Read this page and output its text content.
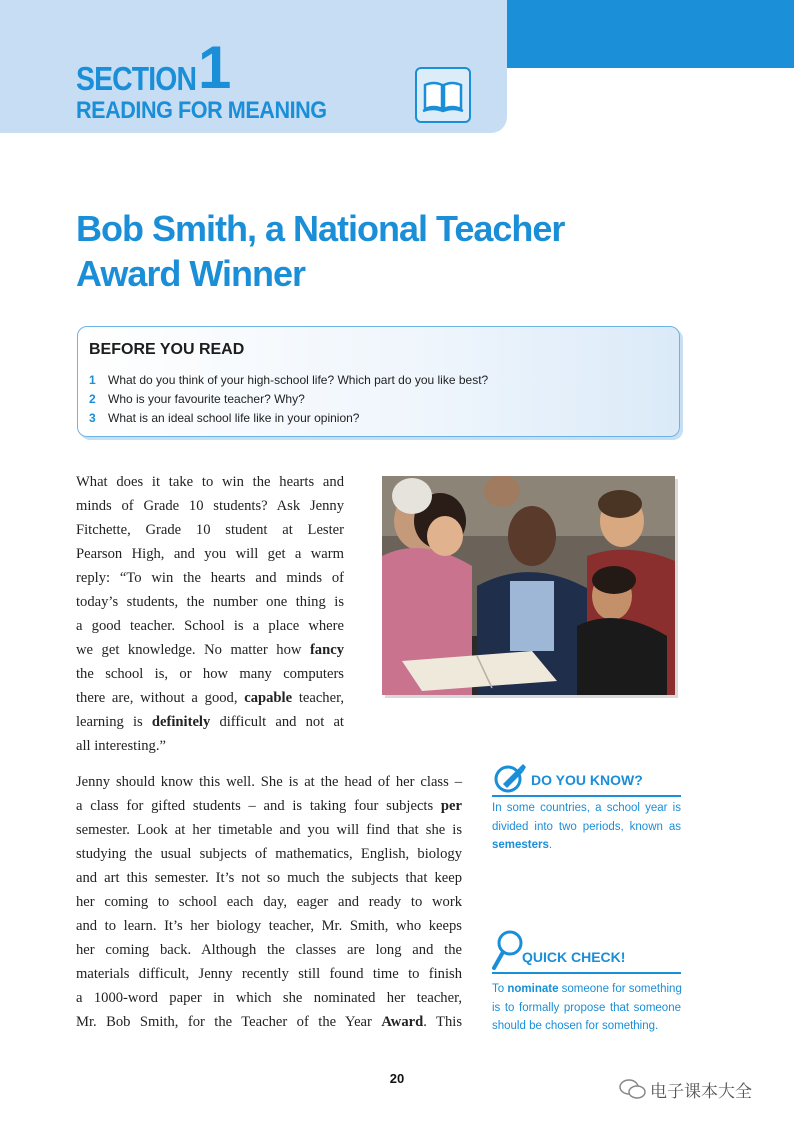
SECTION 1
READING FOR MEANING
Bob Smith, a National Teacher
Award Winner
BEFORE YOU READ
1 What do you think of your high-school life? Which part do you like best?
2 Who is your favourite teacher? Why?
3 What is an ideal school life like in your opinion?
What does it take to win the hearts and
minds of Grade 10 students? Ask Jenny
Fitchette, Grade 10 student at Lester
Pearson High, and you will get a warm
reply: “To win the hearts and minds of
today’s students, the number one thing is
a good teacher. School is a place where
we get knowledge. No matter how fancy
the school is, or how many computers
there are, without a good, capable teacher,
learning is definitely difficult and not at
all interesting.”
Jenny should know this well. She is at the head of her class –
a class for gifted students – and is taking four subjects per
semester. Look at her timetable and you will find that she is
studying the usual subjects of mathematics, English, biology
and art this semester. It’s not so much the subjects that keep
her coming to school each day, eager and ready to work
and to learn. It’s her biology teacher, Mr. Smith, who keeps
her coming back. Although the classes are long and the
materials difficult, Jenny recently still found time to finish
a 1000-word paper in which she nominated her teacher,
Mr. Bob Smith, for the Teacher of the Year Award. This
DO YOU KNOW?
In some countries, a school year is
divided into two periods, known as
semesters.
QUICK CHECK!
To nominate someone for something
is to formally propose that someone
should be chosen for something.
20
电子课本大全
